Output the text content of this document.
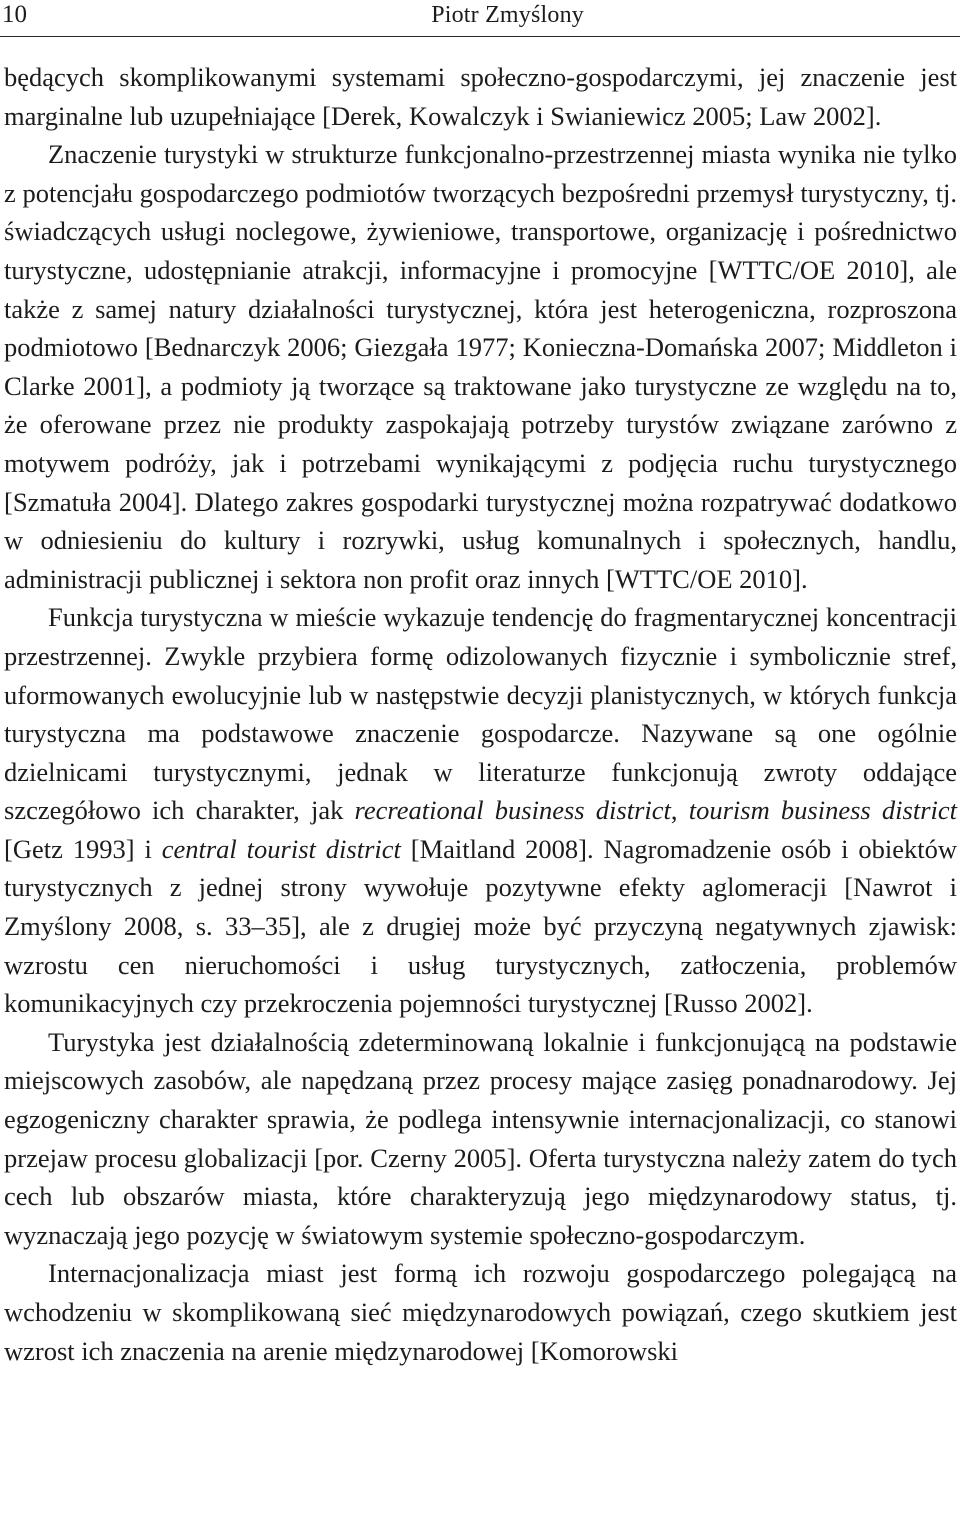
10	Piotr Zmyślony

będących skomplikowanymi systemami społeczno-gospodarczymi, jej znaczenie jest marginalne lub uzupełniające [Derek, Kowalczyk i Swianiewicz 2005; Law 2002].

Znaczenie turystyki w strukturze funkcjonalno-przestrzennej miasta wynika nie tylko z potencjału gospodarczego podmiotów tworzących bezpośredni przemysł turystyczny, tj. świadczących usługi noclegowe, żywieniowe, transportowe, organizację i pośrednictwo turystyczne, udostępnianie atrakcji, informacyjne i promocyjne [WTTC/OE 2010], ale także z samej natury działalności turystycznej, która jest heterogeniczna, rozproszona podmiotowo [Bednarczyk 2006; Giezgała 1977; Konieczna-Domańska 2007; Middleton i Clarke 2001], a podmioty ją tworzące są traktowane jako turystyczne ze względu na to, że oferowane przez nie produkty zaspokajają potrzeby turystów związane zarówno z motywem podróży, jak i potrzebami wynikającymi z podjęcia ruchu turystycznego [Szmatuła 2004]. Dlatego zakres gospodarki turystycznej można rozpatrywać dodatkowo w odniesieniu do kultury i rozrywki, usług komunalnych i społecznych, handlu, administracji publicznej i sektora non profit oraz innych [WTTC/OE 2010].

Funkcja turystyczna w mieście wykazuje tendencję do fragmentarycznej koncentracji przestrzennej. Zwykle przybiera formę odizolowanych fizycznie i symbolicznie stref, uformowanych ewolucyjnie lub w następstwie decyzji planistycznych, w których funkcja turystyczna ma podstawowe znaczenie gospodarcze. Nazywane są one ogólnie dzielnicami turystycznymi, jednak w literaturze funkcjonują zwroty oddające szczegółowo ich charakter, jak recreational business district, tourism business district [Getz 1993] i central tourist district [Maitland 2008]. Nagromadzenie osób i obiektów turystycznych z jednej strony wywołuje pozytywne efekty aglomeracji [Nawrot i Zmyślony 2008, s. 33–35], ale z drugiej może być przyczyną negatywnych zjawisk: wzrostu cen nieruchomości i usług turystycznych, zatłoczenia, problemów komunikacyjnych czy przekroczenia pojemności turystycznej [Russo 2002].

Turystyka jest działalnością zdeterminowaną lokalnie i funkcjonującą na podstawie miejscowych zasobów, ale napędzaną przez procesy mające zasięg ponadnarodowy. Jej egzogeniczny charakter sprawia, że podlega intensywnie internacjonalizacji, co stanowi przejaw procesu globalizacji [por. Czerny 2005]. Oferta turystyczna należy zatem do tych cech lub obszarów miasta, które charakteryzują jego międzynarodowy status, tj. wyznaczają jego pozycję w światowym systemie społeczno-gospodarczym.

Internacjonalizacja miast jest formą ich rozwoju gospodarczego polegającą na wchodzeniu w skomplikowaną sieć międzynarodowych powiązań, czego skutkiem jest wzrost ich znaczenia na arenie międzynarodowej [Komorowski
